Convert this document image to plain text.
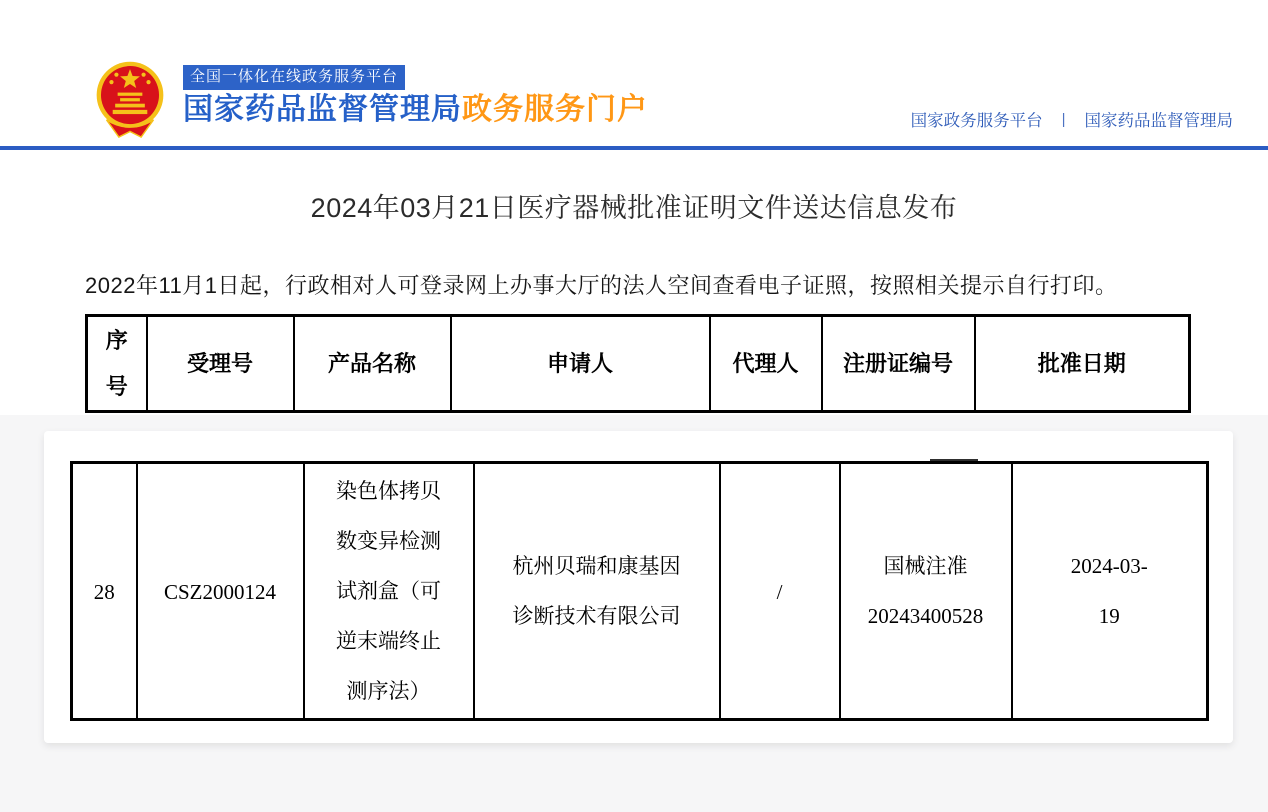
全国一体化在线政务服务平台
国家药品监督管理局政务服务门户	国家政务服务平台 | 国家药品监督管理局
2024年03月21日医疗器械批准证明文件送达信息发布

2022年11月1日起，行政相对人可登录网上办事大厅的法人空间查看电子证照，按照相关提示自行打印。

序号	受理号	产品名称	申请人	代理人	注册证编号	批准日期
28	CSZ2000124	染色体拷贝数变异检测试剂盒（可逆末端终止测序法）	杭州贝瑞和康基因诊断技术有限公司	/	国械注准20243400528	2024-03-19
